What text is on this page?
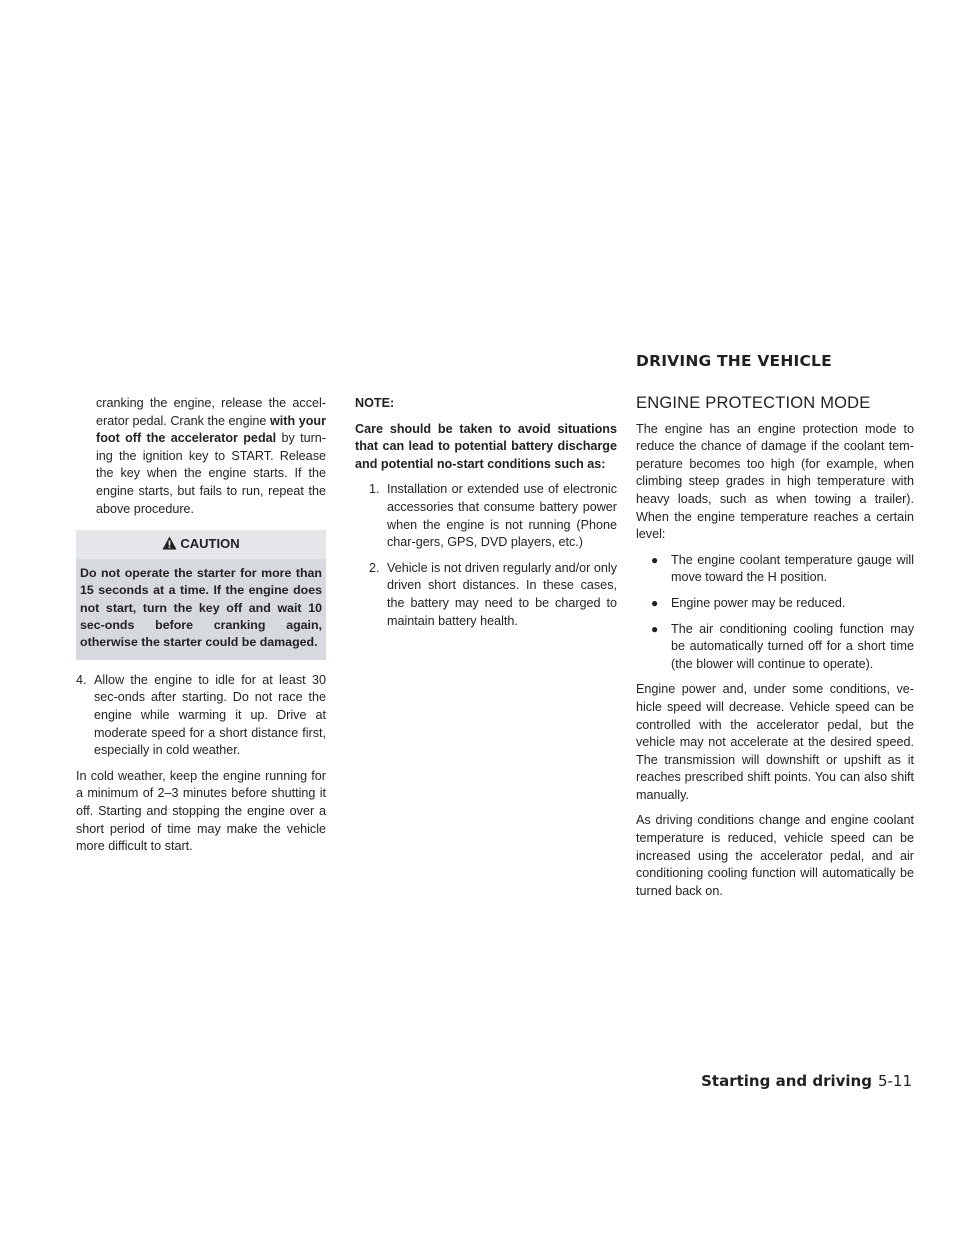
DRIVING THE VEHICLE

cranking the engine, release the accel-erator pedal. Crank the engine with your foot off the accelerator pedal by turn-ing the ignition key to START. Release the key when the engine starts. If the engine starts, but fails to run, repeat the above procedure.

CAUTION
Do not operate the starter for more than 15 seconds at a time. If the engine does not start, turn the key off and wait 10 sec-onds before cranking again, otherwise the starter could be damaged.
4. Allow the engine to idle for at least 30 sec-onds after starting. Do not race the engine while warming it up. Drive at moderate speed for a short distance first, especially in cold weather.

In cold weather, keep the engine running for a minimum of 2–3 minutes before shutting it off. Starting and stopping the engine over a short period of time may make the vehicle more difficult to start.

NOTE:

Care should be taken to avoid situations that can lead to potential battery discharge and potential no-start conditions such as:

1. Installation or extended use of electronic accessories that consume battery power when the engine is not running (Phone char-gers, GPS, DVD players, etc.)
2. Vehicle is not driven regularly and/or only driven short distances. In these cases, the battery may need to be charged to maintain battery health.
ENGINE PROTECTION MODE

The engine has an engine protection mode to reduce the chance of damage if the coolant tem-perature becomes too high (for example, when climbing steep grades in high temperature with heavy loads, such as when towing a trailer). When the engine temperature reaches a certain level:

●	The engine coolant temperature gauge will move toward the H position.
●	Engine power may be reduced.
●	The air conditioning cooling function may be automatically turned off for a short time (the blower will continue to operate).

Engine power and, under some conditions, ve-hicle speed will decrease. Vehicle speed can be controlled with the accelerator pedal, but the vehicle may not accelerate at the desired speed. The transmission will downshift or upshift as it reaches prescribed shift points. You can also shift manually.

As driving conditions change and engine coolant temperature is reduced, vehicle speed can be increased using the accelerator pedal, and air conditioning cooling function will automatically be turned back on.

Starting and driving 5-11
